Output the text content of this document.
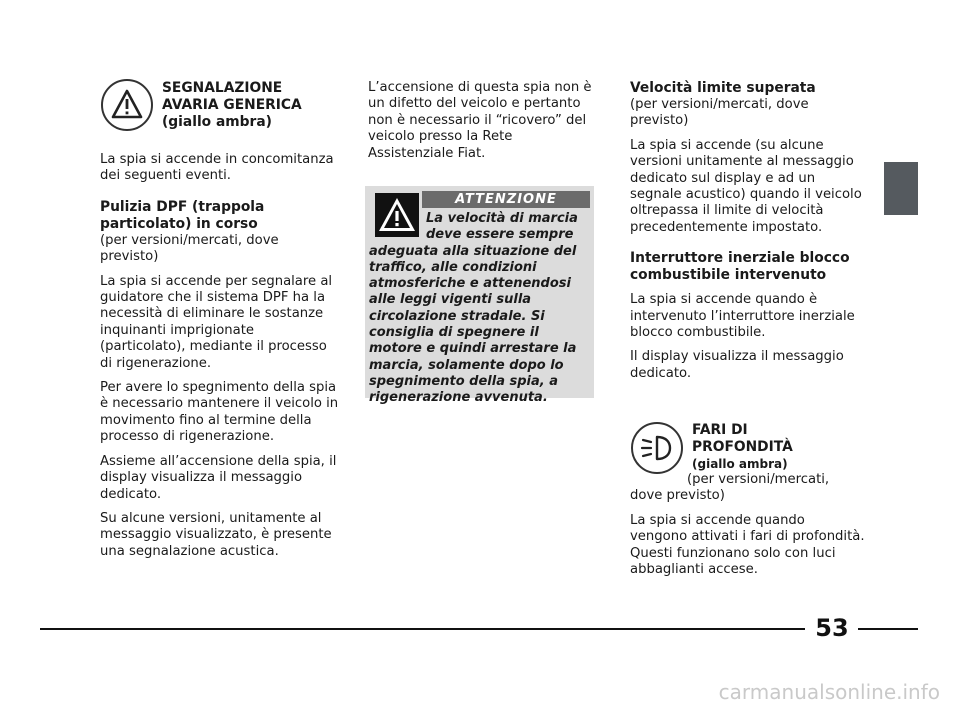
SEGNALAZIONE
AVARIA GENERICA
(giallo ambra)

La spia si accende in concomitanza dei seguenti eventi.

Pulizia DPF (trappola particolato) in corso

(per versioni/mercati, dove previsto)

La spia si accende per segnalare al guidatore che il sistema DPF ha la necessità di eliminare le sostanze inquinanti imprigionate (particolato), mediante il processo di rigenerazione.

Per avere lo spegnimento della spia è necessario mantenere il veicolo in movimento fino al termine della processo di rigenerazione.

Assieme all’accensione della spia, il display visualizza il messaggio dedicato.

Su alcune versioni, unitamente al messaggio visualizzato, è presente una segnalazione acustica.

L’accensione di questa spia non è un difetto del veicolo e pertanto non è necessario il “ricovero” del veicolo presso la Rete Assistenziale Fiat.

ATTENZIONE
La velocità di marcia
deve essere sempre
adeguata alla situazione del traffico, alle condizioni atmosferiche e attenendosi alle leggi vigenti sulla circolazione stradale. Si consiglia di spegnere il motore e quindi arrestare la marcia, solamente dopo lo spegnimento della spia, a rigenerazione avvenuta.
Velocità limite superata

(per versioni/mercati, dove previsto)

La spia si accende (su alcune versioni unitamente al messaggio dedicato sul display e ad un segnale acustico) quando il veicolo oltrepassa il limite di velocità precedentemente impostato.

Interruttore inerziale blocco combustibile intervenuto

La spia si accende quando è intervenuto l’interruttore inerziale blocco combustibile.

Il display visualizza il messaggio dedicato.

FARI DI
PROFONDITÀ
(giallo ambra)

(per versioni/mercati,
dove previsto)

La spia si accende quando vengono attivati i fari di profondità.

Questi funzionano solo con luci abbaglianti accese.

53
carmanualsonline.info
